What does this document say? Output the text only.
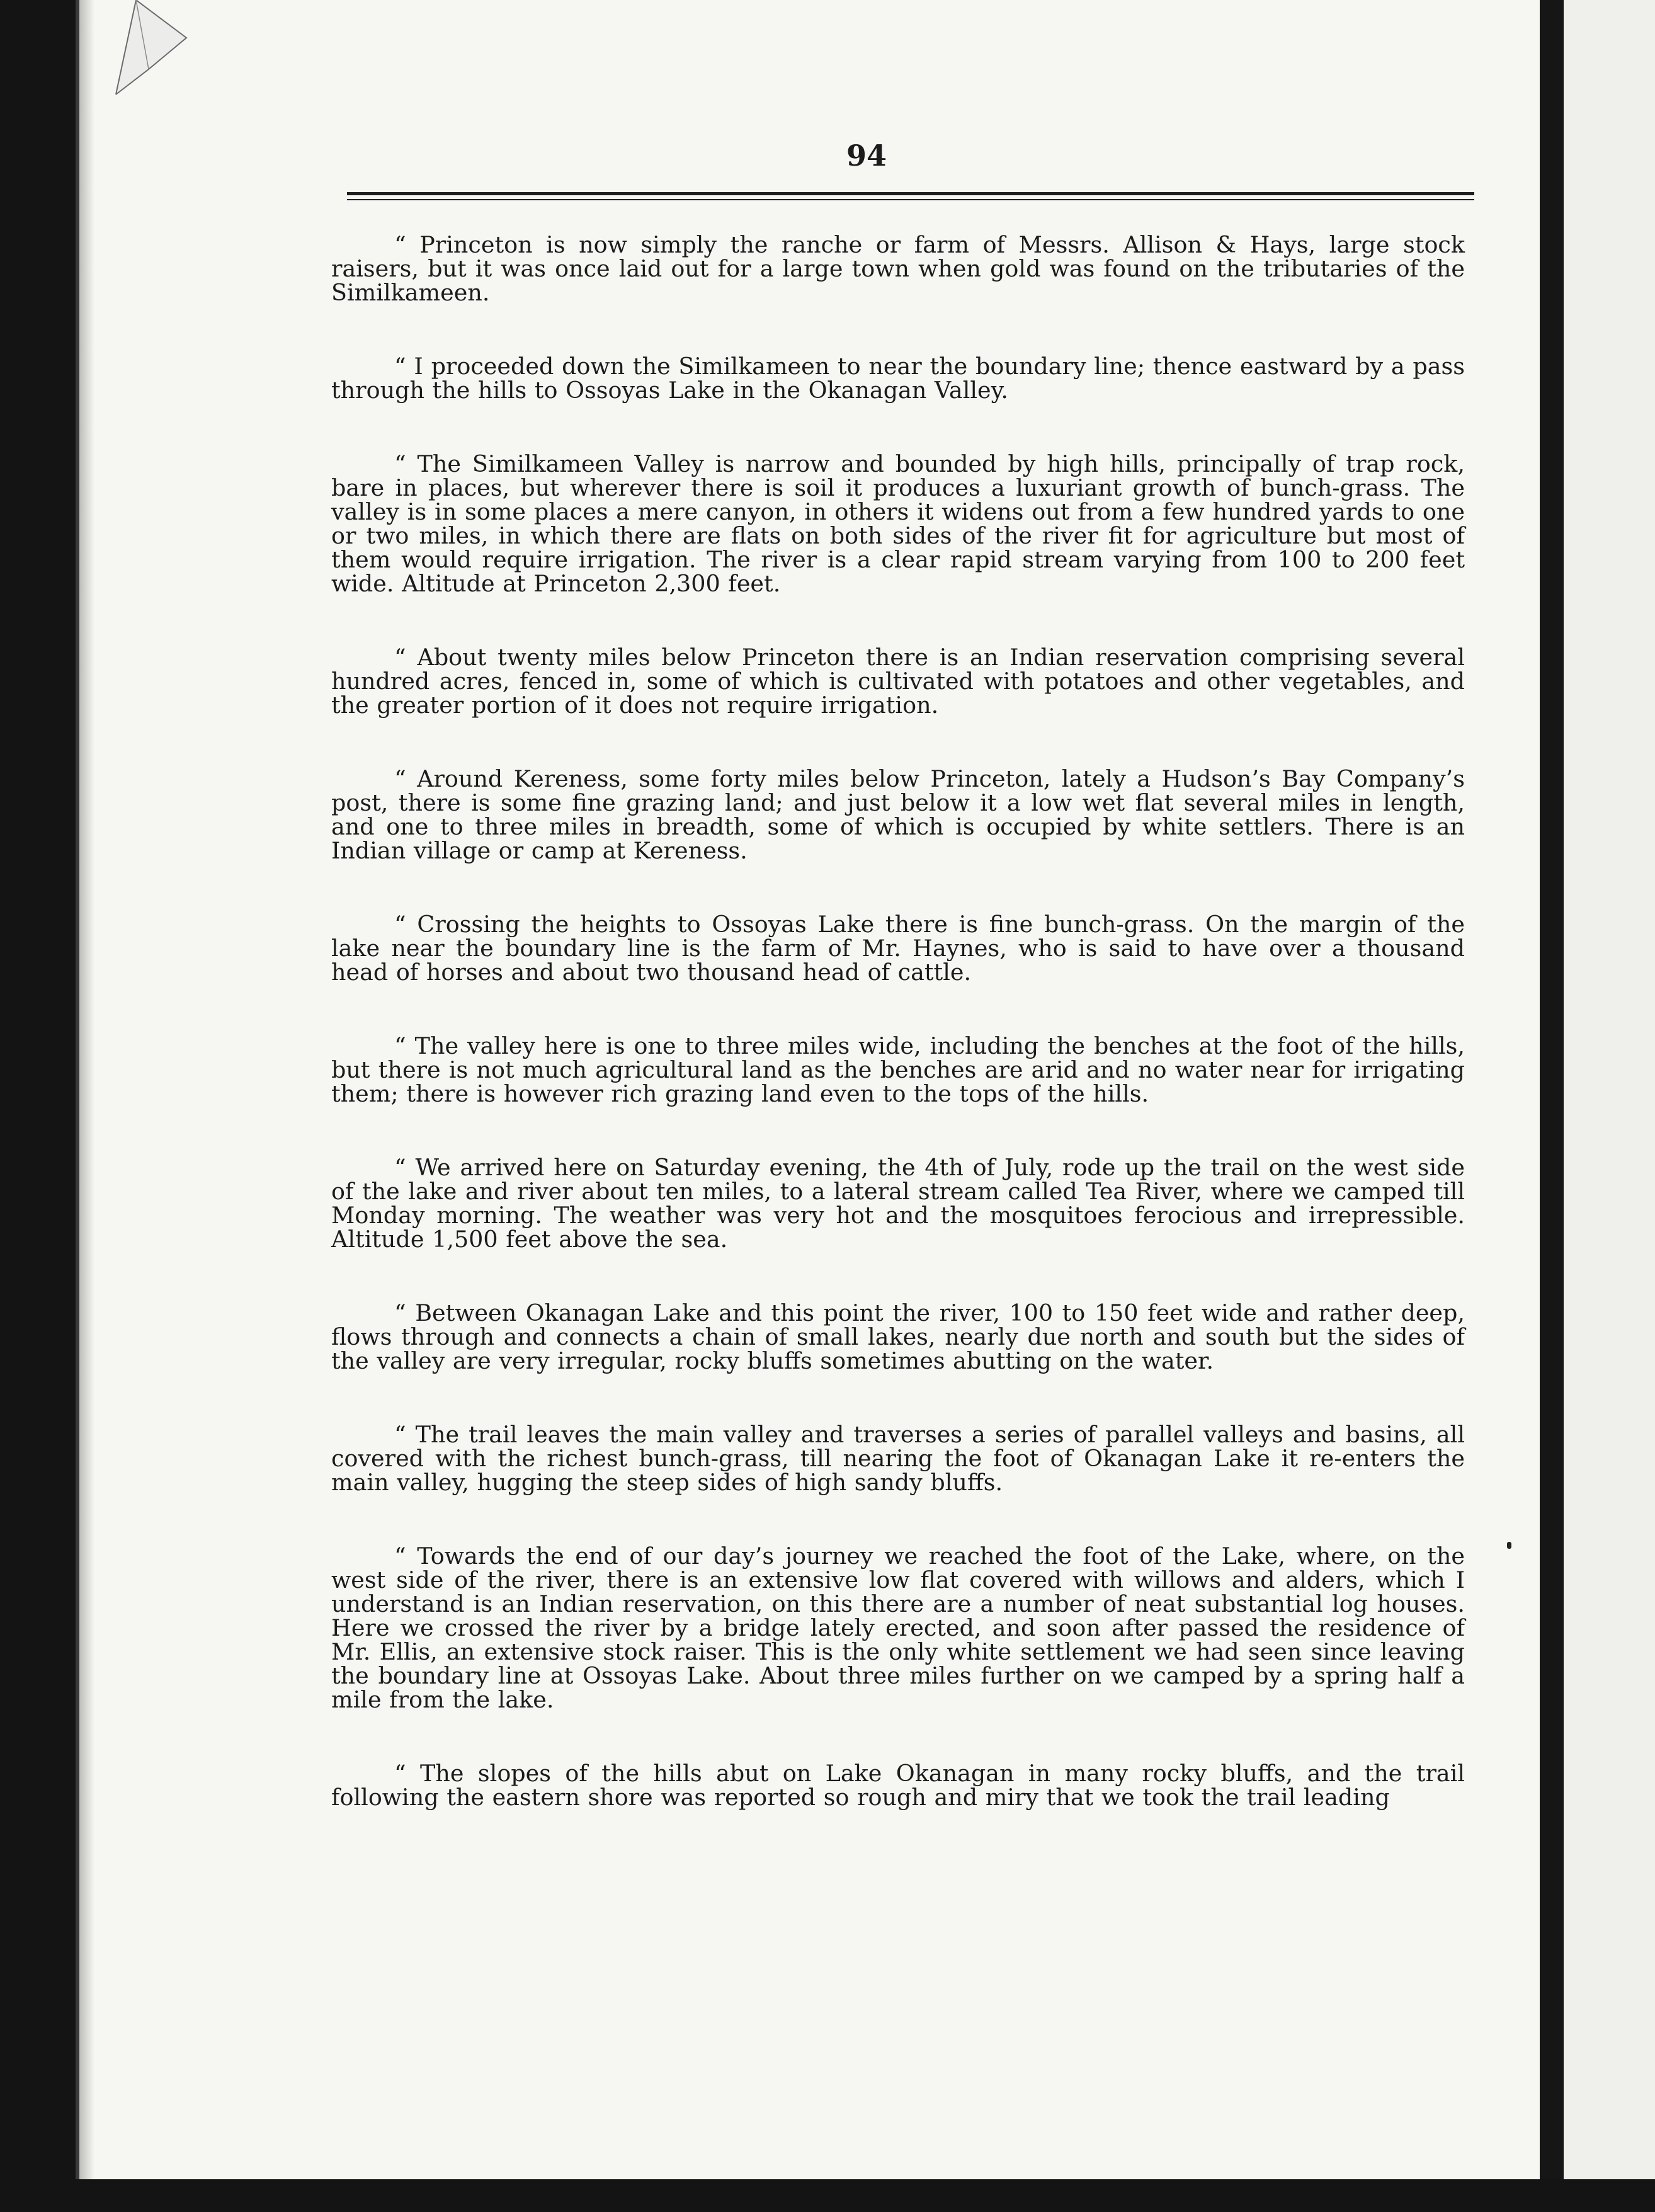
94

“ Princeton is now simply the ranche or farm of Messrs. Allison & Hays, large stock raisers, but it was once laid out for a large town when gold was found on the tributaries of the Similkameen.

“ I proceeded down the Similkameen to near the boundary line; thence eastward by a pass through the hills to Ossoyas Lake in the Okanagan Valley.

“ The Similkameen Valley is narrow and bounded by high hills, principally of trap rock, bare in places, but wherever there is soil it produces a luxuriant growth of bunch-grass. The valley is in some places a mere canyon, in others it widens out from a few hundred yards to one or two miles, in which there are flats on both sides of the river fit for agriculture but most of them would require irrigation. The river is a clear rapid stream varying from 100 to 200 feet wide. Altitude at Princeton 2,300 feet.

“ About twenty miles below Princeton there is an Indian reservation comprising several hundred acres, fenced in, some of which is cultivated with potatoes and other vegetables, and the greater portion of it does not require irrigation.

“ Around Kereness, some forty miles below Princeton, lately a Hudson’s Bay Company’s post, there is some fine grazing land; and just below it a low wet flat several miles in length, and one to three miles in breadth, some of which is occupied by white settlers. There is an Indian village or camp at Kereness.

“ Crossing the heights to Ossoyas Lake there is fine bunch-grass. On the margin of the lake near the boundary line is the farm of Mr. Haynes, who is said to have over a thousand head of horses and about two thousand head of cattle.

“ The valley here is one to three miles wide, including the benches at the foot of the hills, but there is not much agricultural land as the benches are arid and no water near for irrigating them; there is however rich grazing land even to the tops of the hills.

“ We arrived here on Saturday evening, the 4th of July, rode up the trail on the west side of the lake and river about ten miles, to a lateral stream called Tea River, where we camped till Monday morning. The weather was very hot and the mosquitoes ferocious and irrepressible. Altitude 1,500 feet above the sea.

“ Between Okanagan Lake and this point the river, 100 to 150 feet wide and rather deep, flows through and connects a chain of small lakes, nearly due north and south but the sides of the valley are very irregular, rocky bluffs sometimes abutting on the water.

“ The trail leaves the main valley and traverses a series of parallel valleys and basins, all covered with the richest bunch-grass, till nearing the foot of Okanagan Lake it re-enters the main valley, hugging the steep sides of high sandy bluffs.

“ Towards the end of our day’s journey we reached the foot of the Lake, where, on the west side of the river, there is an extensive low flat covered with willows and alders, which I understand is an Indian reservation, on this there are a number of neat substantial log houses. Here we crossed the river by a bridge lately erected, and soon after passed the residence of Mr. Ellis, an extensive stock raiser. This is the only white settlement we had seen since leaving the boundary line at Ossoyas Lake. About three miles further on we camped by a spring half a mile from the lake.

“ The slopes of the hills abut on Lake Okanagan in many rocky bluffs, and the trail following the eastern shore was reported so rough and miry that we took the trail leading
